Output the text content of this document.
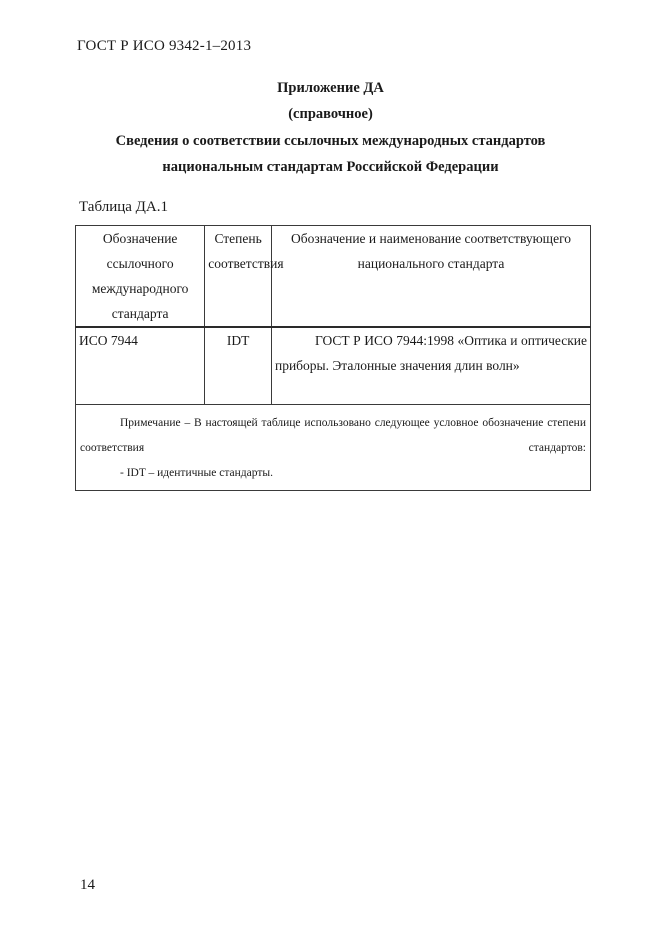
ГОСТ Р ИСО 9342-1–2013
Приложение ДА
(справочное)
Сведения о соответствии ссылочных международных стандартов
национальным стандартам Российской Федерации
Таблица ДА.1
Обозначение ссылочного международного стандарта	Степень соответствия	Обозначение и наименование соответствующего национального стандарта
ИСО 7944	IDT	ГОСТ Р ИСО 7944:1998 «Оптика и оптические приборы. Эталонные значения длин волн»

Примечание – В настоящей таблице использовано следующее условное обозначение степени соответствия стандартов:
- IDT – идентичные стандарты.		
14
